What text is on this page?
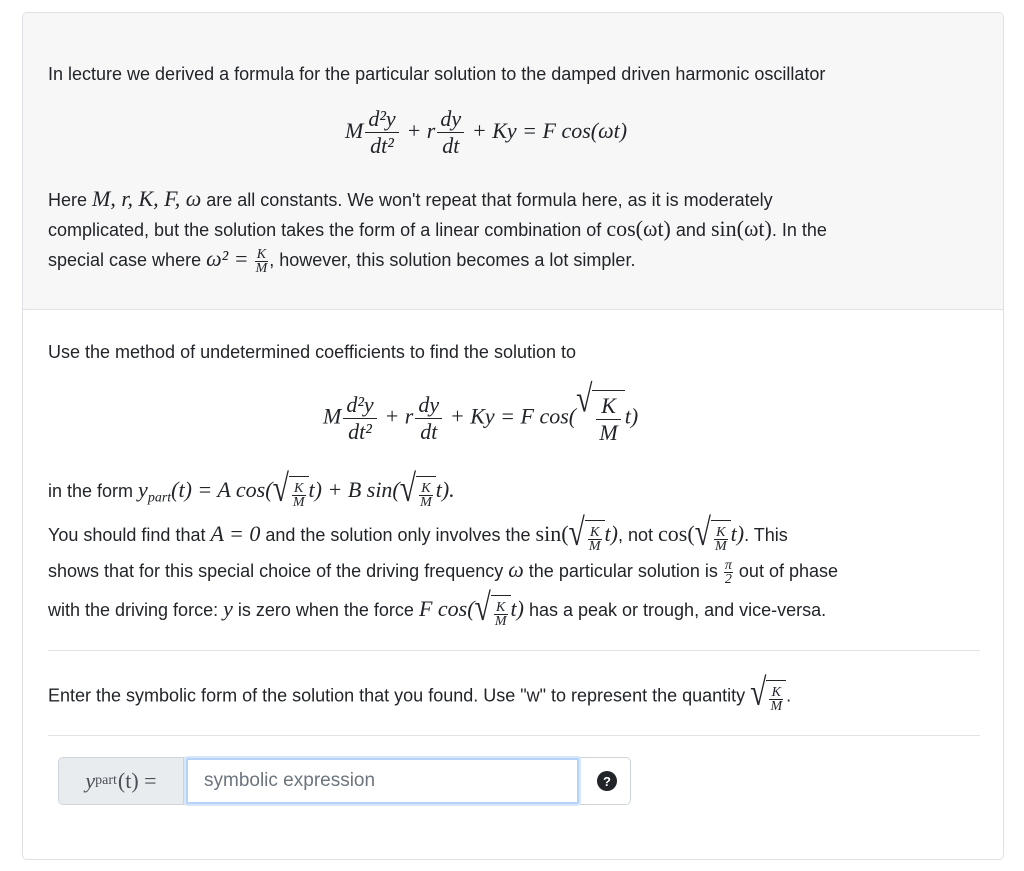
In lecture we derived a formula for the particular solution to the damped driven harmonic oscillator
M $\frac{\text{d²y}}{\text{dt²}} + r \frac{dy}{dt} + Ky = F$ cos(ωt)
Here M, r, K, F, ω are all constants. We won't repeat that formula here, as it is moderately
complicated, but the solution takes the form of a linear combination of cos(ωt) and sin(ωt). In the
special case where $\omega^2 = \frac{K}{M}$ , however, this solution becomes a lot simpler.
Use the method of undetermined coefficients to find the solution to
M $\frac{\text{d²y}}{\text{dt²}} + r \frac{dy}{dt} + Ky = F$ cos( √ $\frac{K}{M} t$)
in the form $y_{part}(t) = A$ cos( √ $\frac{K}{M} t) + B$ sin( √ $\frac{K}{M} t$).
You should find that A = 0 and the solution only involves the sin( √ $\frac{K}{M} t$), not cos( √ $\frac{K}{M} t$). This
shows that for this special choice of the driving frequency ω the particular solution is $\frac{\pi}{2}$ out of phase
with the driving force: y is zero when the force F cos( √ $\frac{K}{M} t$) has a peak or trough, and vice-versa.
Enter the symbolic form of the solution that you found. Use "w" to represent the quantity √ $\frac{K}{M}$ .
y part (t) =
symbolic expression	?
